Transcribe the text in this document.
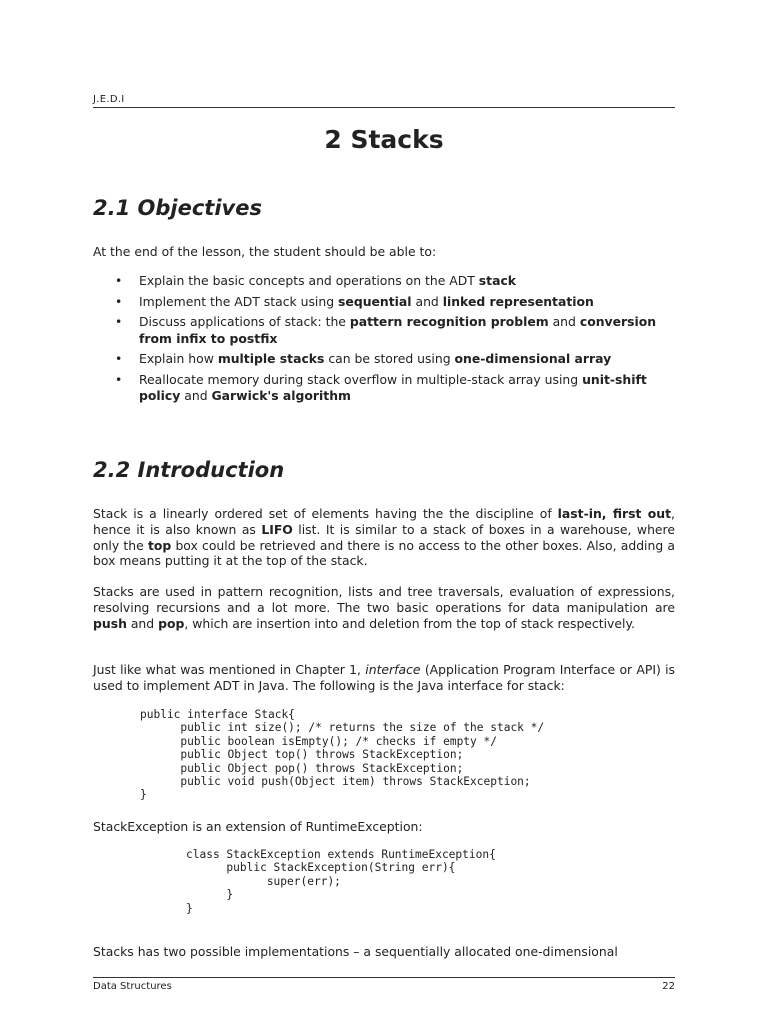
J.E.D.I
2 Stacks
2.1 Objectives
At the end of the lesson, the student should be able to:
• Explain the basic concepts and operations on the ADT stack
• Implement the ADT stack using sequential and linked representation
• Discuss applications of stack: the pattern recognition problem and conversion from infix to postfix
• Explain how multiple stacks can be stored using one-dimensional array
• Reallocate memory during stack overflow in multiple-stack array using unit-shift policy and Garwick's algorithm
2.2 Introduction
Stack is a linearly ordered set of elements having the the discipline of last-in, first out, hence it is also known as LIFO list. It is similar to a stack of boxes in a warehouse, where only the top box could be retrieved and there is no access to the other boxes. Also, adding a box means putting it at the top of the stack.
Stacks are used in pattern recognition, lists and tree traversals, evaluation of expressions, resolving recursions and a lot more. The two basic operations for data manipulation are push and pop, which are insertion into and deletion from the top of stack respectively.
Just like what was mentioned in Chapter 1, interface (Application Program Interface or API) is used to implement ADT in Java. The following is the Java interface for stack:
public interface Stack{
public int size(); /* returns the size of the stack */
public boolean isEmpty(); /* checks if empty */
public Object top() throws StackException;
public Object pop() throws StackException;
public void push(Object item) throws StackException;
}
StackException is an extension of RuntimeException:
class StackException extends RuntimeException{
public StackException(String err){
super(err);
}
}
Stacks has two possible implementations – a sequentially allocated one-dimensional
Data Structures	22
